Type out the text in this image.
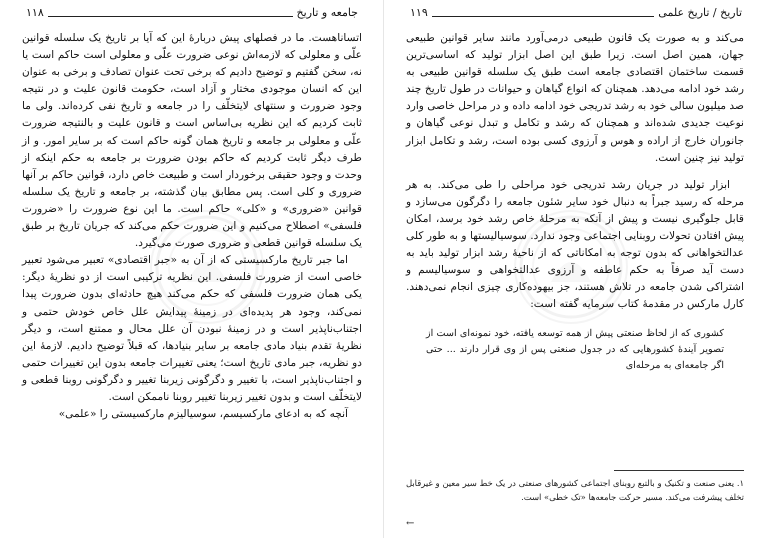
جامعه و تاریخ
۱۱۸

اتساناهست. ما در فصلهای پیش دربارهٔ این که آیا بر تاریخ یک سلسله قوانین علّی و معلولی که لازمه‌اش نوعی ضرورت علّی و معلولی است حاکم است یا نه، سخن گفتیم و توضیح دادیم که برخی تحت عنوان تصادف و برخی به عنوان این که انسان موجودی مختار و آزاد است، حکومت قانون علیت و در نتیجه وجود ضرورت و سنتهای لایتخلّف را در جامعه و تاریخ نفی کرده‌اند. ولی ما ثابت کردیم که این نظریه بی‌اساس است و قانون علیت و بالنتیجه ضرورت علّی و معلولی بر جامعه و تاریخ همان گونه حاکم است که بر سایر امور. و از طرف دیگر ثابت کردیم که حاکم بودن ضرورت بر جامعه به حکم اینکه از وحدت و وجود حقیقی برخوردار است و طبیعت خاص دارد، قوانین حاکم بر آنها ضروری و کلی است. پس مطابق بیان گذشته، بر جامعه و تاریخ یک سلسله قوانین «ضروری» و «کلی» حاکم است. ما این نوع ضرورت را «ضرورت فلسفی» اصطلاح می‌کنیم و این ضرورت حکم می‌کند که جریان تاریخ بر طبق یک سلسله قوانین قطعی و ضروری صورت می‌گیرد.

اما جبر تاریخ مارکسیستی که از آن به «جبر اقتصادی» تعبیر می‌شود تعبیر خاصی است از ضرورت فلسفی. این نظریه ترکیبی است از دو نظریهٔ دیگر: یکی همان ضرورت فلسفی که حکم می‌کند هیچ حادثه‌ای بدون ضرورت پیدا نمی‌کند، وجود هر پدیده‌ای در زمینهٔ پیدایش علل خاص خودش حتمی و اجتناب‌ناپذیر است و در زمینهٔ نبودن آن علل محال و ممتنع است، و دیگر نظریهٔ تقدم بنیاد مادی جامعه بر سایر بنیادها، که قبلاً توضیح دادیم. لازمهٔ این دو نظریه، جبر مادی تاریخ است؛ یعنی تغییرات جامعه بدون این تغییرات حتمی و اجتناب‌ناپذیر است، با تغییر و دگرگونی زیربنا تغییر و دگرگونی روبنا قطعی و لایتخلّف است و بدون تغییر زیربنا تغییر روبنا ناممکن است.

آنچه که به ادعای مارکسیسم، سوسیالیزم مارکسیستی را «علمی»

تاریخ / تاریخ علمی
۱۱۹

می‌کند و به صورت یک قانون طبیعی درمی‌آورد مانند سایر قوانین طبیعی جهان، همین اصل است. زیرا طبق این اصل ابزار تولید که اساسی‌ترین قسمت ساختمان اقتصادی جامعه است طبق یک سلسله قوانین طبیعی به رشد خود ادامه می‌دهد. همچنان که انواع گیاهان و حیوانات در طول تاریخ چند صد میلیون سالی خود به رشد تدریجی خود ادامه داده و در مراحل خاصی وارد نوعیت جدیدی شده‌اند و همچنان که رشد و تکامل و تبدل نوعی گیاهان و جانوران خارج از اراده و هوس و آرزوی کسی بوده است، رشد و تکامل ابزار تولید نیز چنین است.

ابزار تولید در جریان رشد تدریجی خود مراحلی را طی می‌کند. به هر مرحله که رسید جبراً به دنبال خود سایر شئون جامعه را دگرگون می‌سازد و قابل جلوگیری نیست و پیش از آنکه به مرحلهٔ خاص رشد خود برسد، امکان پیش افتادن تحولات روبنایی اجتماعی وجود ندارد. سوسیالیستها و به طور کلی عدالتخواهانی که بدون توجه به امکاناتی که از ناحیهٔ رشد ابزار تولید باید به دست آید صرفاً به حکم عاطفه و آرزوی عدالتخواهی و سوسیالیسم و اشتراکی شدن جامعه در تلاش هستند، جز بیهوده‌کاری چیزی انجام نمی‌دهند. کارل مارکس در مقدمهٔ کتاب سرمایه گفته است:

کشوری که از لحاظ صنعتی پیش از همه توسعه یافته، خود نمونه‌ای است از تصویر آیندهٔ کشورهایی که در جدول صنعتی پس از وی قرار دارند ... حتی اگر جامعه‌ای به مرحله‌ای
۱. یعنی صنعت و تکنیک و بالتبع روبنای اجتماعی کشورهای صنعتی در یک خط سیر معین و غیرقابل تخلف پیشرفت می‌کند. مسیر حرکت جامعه‌ها «تک خطی» است.
←
